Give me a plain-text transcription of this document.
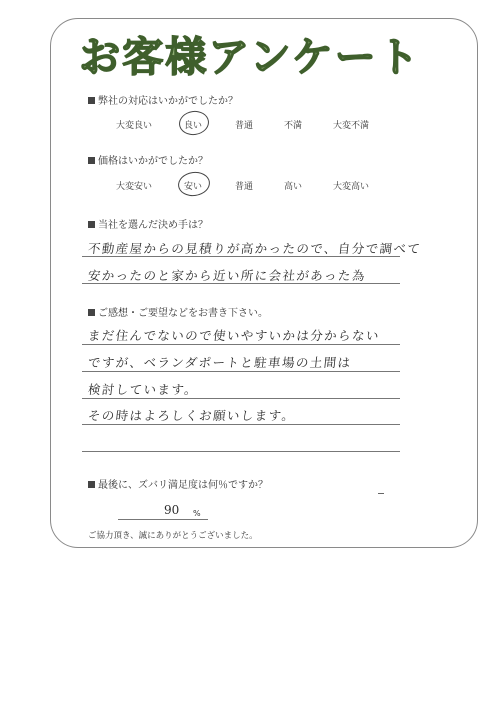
お客様アンケート
弊社の対応はいかがでしたか？
大変良い	良い	普通	不満	大変不満
価格はいかがでしたか？
大変安い	安い	普通	高い	大変高い
当社を選んだ決め手は？
不動産屋からの見積りが高かったので、自分で調べて
安かったのと家から近い所に会社があった為
ご感想・ご要望などをお書き下さい。
まだ住んでないので使いやすいかは分からない
ですが、ベランダポートと駐車場の土間は
検討しています。
その時はよろしくお願いします。
最後に、ズバリ満足度は何％ですか？
90 %
ご協力頂き、誠にありがとうございました。
